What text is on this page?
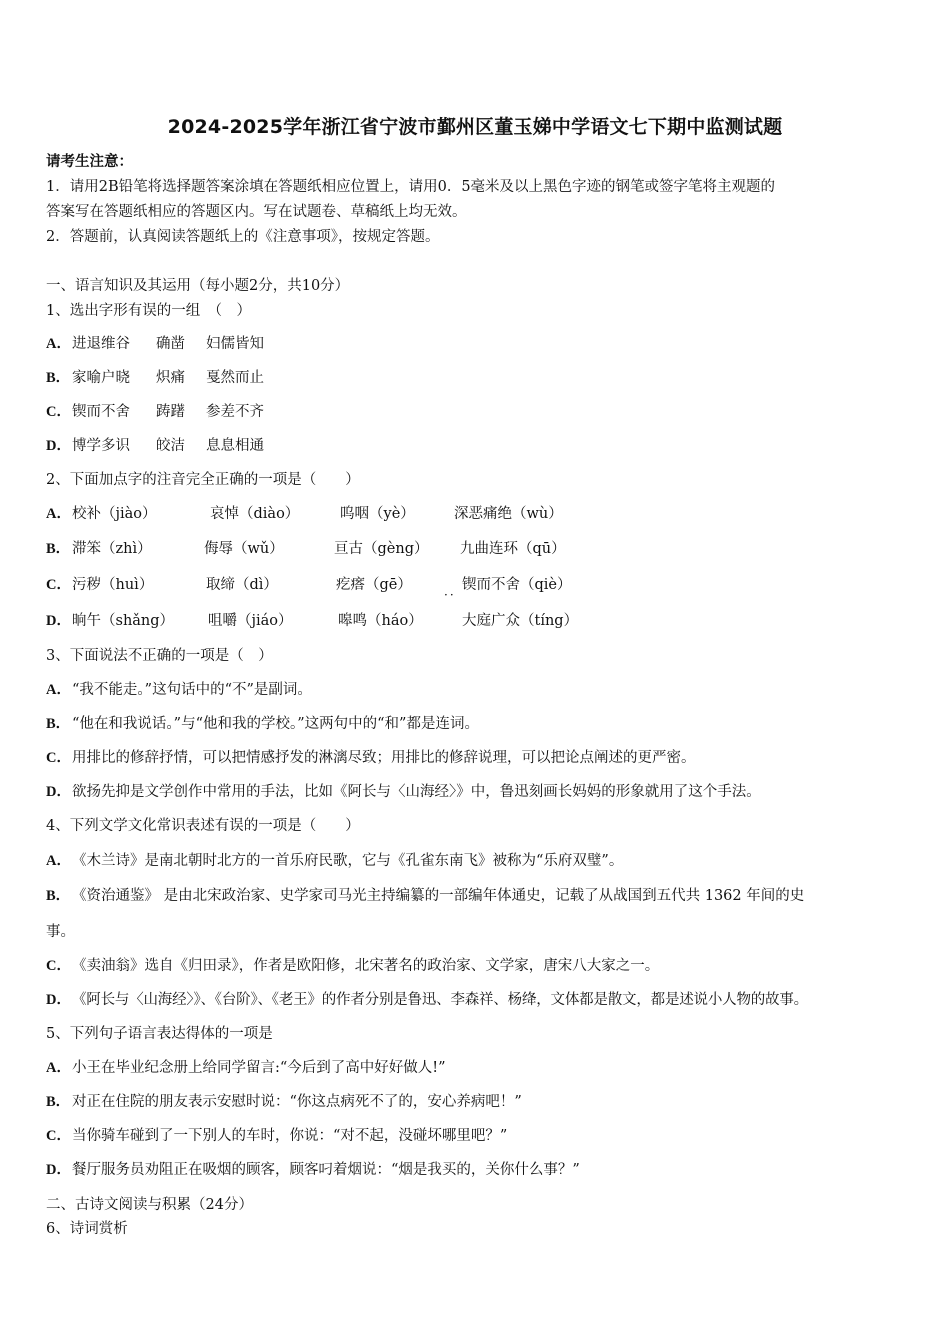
2024-2025学年浙江省宁波市鄞州区董玉娣中学语文七下期中监测试题
请考生注意：
1．请用2B铅笔将选择题答案涂填在答题纸相应位置上，请用0．5毫米及以上黑色字迹的钢笔或签字笔将主观题的
答案写在答题纸相应的答题区内。写在试题卷、草稿纸上均无效。
2．答题前，认真阅读答题纸上的《注意事项》，按规定答题。
一、语言知识及其运用（每小题2分，共10分）
1、选出字形有误的一组　（　）
A．进退维谷 确凿 妇儒皆知
B． 家喻户晓 炽痛 戛然而止
C．锲而不舍 踌躇 参差不齐
D．博学多识 皎洁 息息相通
2、下面加点字的注音完全正确的一项是（　　）
A．校补（jiào）	哀悼（diào）	呜咽（yè）	深恶痛绝（wù）
B． 滞笨（zhì）	侮辱（wǔ）	亘古（gèng） 九曲连环（qū）
C．污秽（huì）	取缔（dì）	疙瘩（gē）	锲而不舍（qiè）
··
D．晌午（shǎng） 咀嚼（jiáo）	嗥鸣（háo）	大庭广众（tíng）
3、下面说法不正确的一项是（　）
A．“我不能走。”这句话中的“不”是副词。
B． “他在和我说话。”与“他和我的学校。”这两句中的“和”都是连词。
C．用排比的修辞抒情，可以把情感抒发的淋漓尽致；用排比的修辞说理，可以把论点阐述的更严密。
D．欲扬先抑是文学创作中常用的手法，比如《阿长与〈山海经〉》中，鲁迅刻画长妈妈的形象就用了这个手法。
4、下列文学文化常识表述有误的一项是（　　）
A．《木兰诗》是南北朝时北方的一首乐府民歌，它与《孔雀东南飞》被称为“乐府双璧”。
B． 《资治通鉴》 是由北宋政治家、史学家司马光主持编纂的一部编年体通史，记载了从战国到五代共 1362 年间的史
事。
C．《卖油翁》选自《归田录》，作者是欧阳修，北宋著名的政治家、文学家，唐宋八大家之一。
D．《阿长与〈山海经〉》、《台阶》、《老王》的作者分别是鲁迅、李森祥、杨绛，文体都是散文，都是述说小人物的故事。
5、下列句子语言表达得体的一项是
A．小王在毕业纪念册上给同学留言:“今后到了高中好好做人!”
B． 对正在住院的朋友表示安慰时说：“你这点病死不了的，安心养病吧！”
C．当你骑车碰到了一下别人的车时，你说：“对不起，没碰坏哪里吧？”
D．餐厅服务员劝阻正在吸烟的顾客，顾客叼着烟说：“烟是我买的，关你什么事？”
二、古诗文阅读与积累（24分）
6、诗词赏析
